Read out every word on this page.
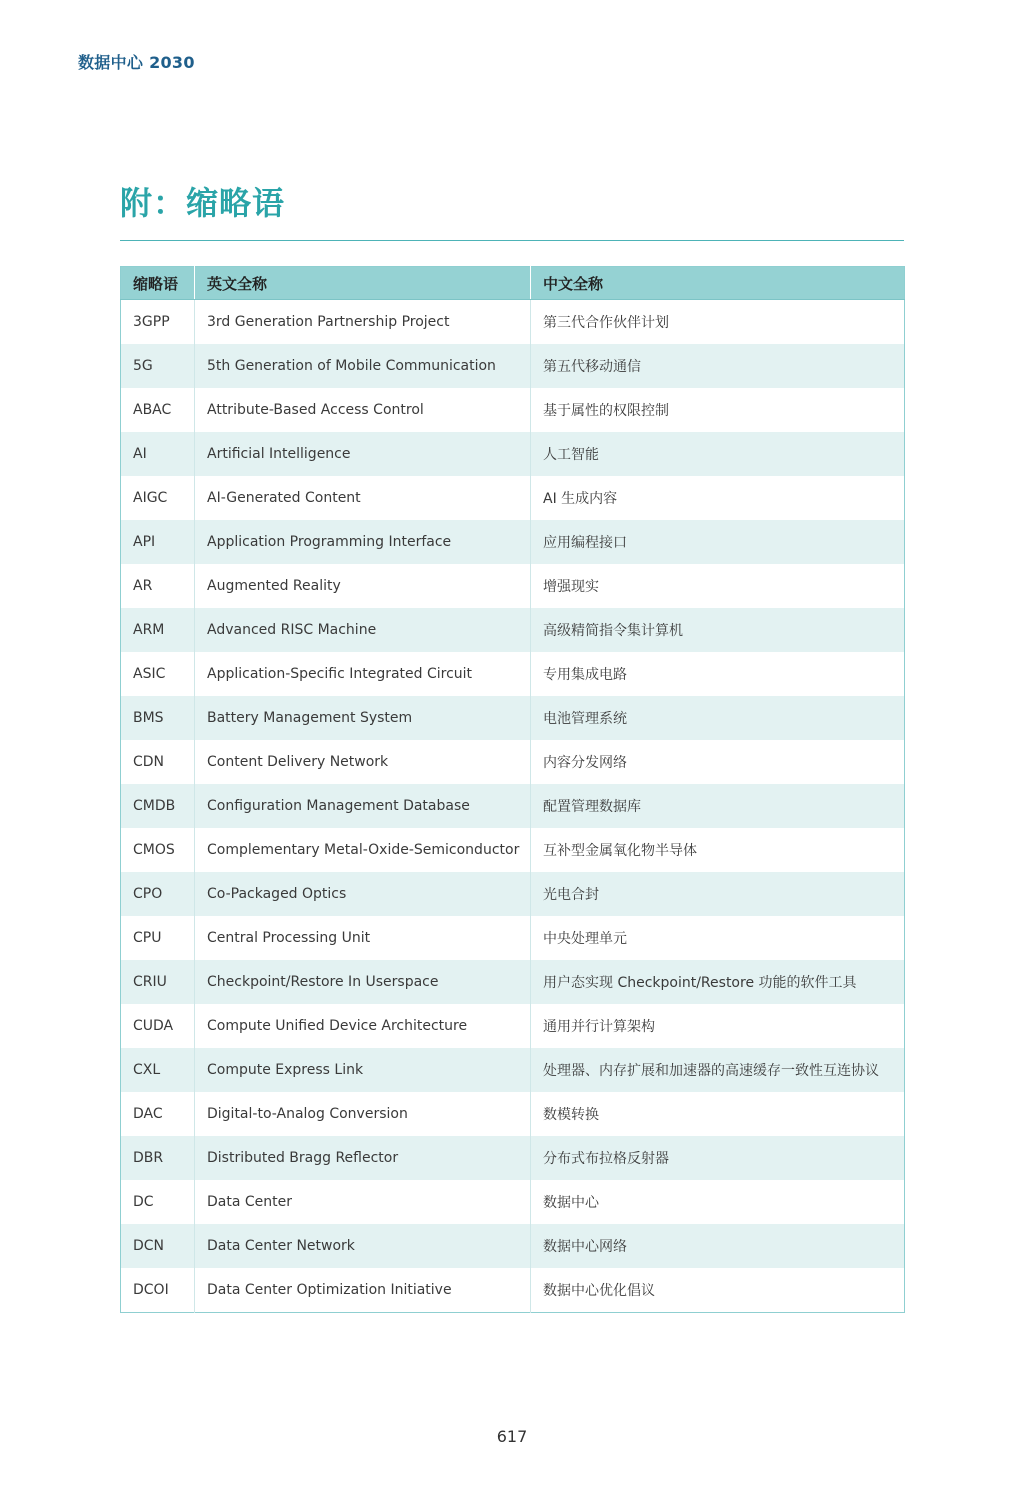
数据中心 2030
附：缩略语
缩略语	英文全称	中文全称
3GPP	3rd Generation Partnership Project	第三代合作伙伴计划
5G	5th Generation of Mobile Communication	第五代移动通信
ABAC	Attribute-Based Access Control	基于属性的权限控制
AI	Artificial Intelligence	人工智能
AIGC	AI-Generated Content	AI 生成内容
API	Application Programming Interface	应用编程接口
AR	Augmented Reality	增强现实
ARM	Advanced RISC Machine	高级精简指令集计算机
ASIC	Application-Specific Integrated Circuit	专用集成电路
BMS	Battery Management System	电池管理系统
CDN	Content Delivery Network	内容分发网络
CMDB	Configuration Management Database	配置管理数据库
CMOS	Complementary Metal-Oxide-Semiconductor	互补型金属氧化物半导体
CPO	Co-Packaged Optics	光电合封
CPU	Central Processing Unit	中央处理单元
CRIU	Checkpoint/Restore In Userspace	用户态实现 Checkpoint/Restore 功能的软件工具
CUDA	Compute Unified Device Architecture	通用并行计算架构
CXL	Compute Express Link	处理器、内存扩展和加速器的高速缓存一致性互连协议
DAC	Digital-to-Analog Conversion	数模转换
DBR	Distributed Bragg Reflector	分布式布拉格反射器
DC	Data Center	数据中心
DCN	Data Center Network	数据中心网络
DCOI	Data Center Optimization Initiative	数据中心优化倡议
617
